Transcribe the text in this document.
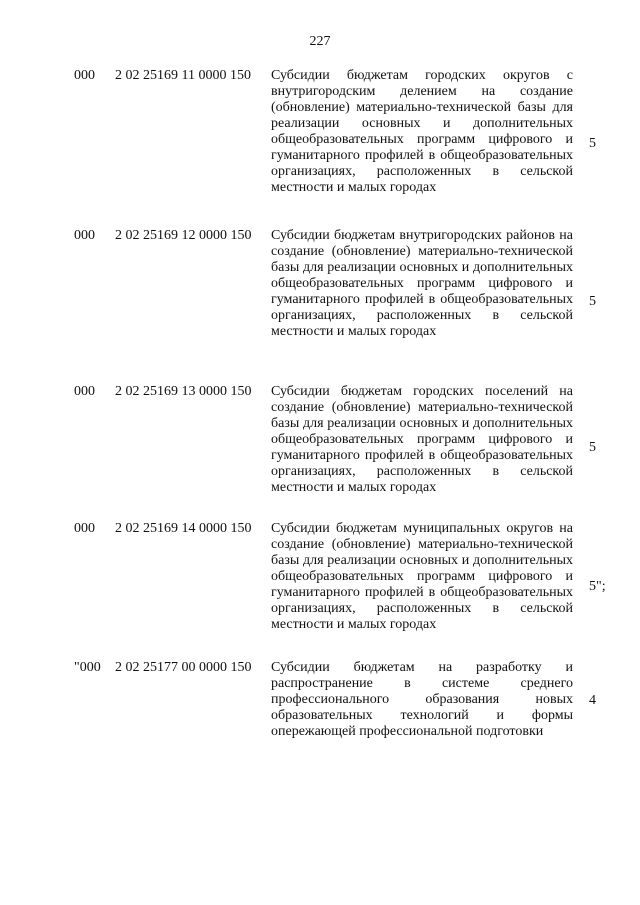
227
000 2 02 25169 11 0000 150 Субсидии бюджетам городских округов с внутригородским делением на создание (обновление) материально-технической базы для реализации основных и дополнительных общеобразовательных программ цифрового и гуманитарного профилей в общеобразовательных организациях, расположенных в сельской местности и малых городах
5
000 2 02 25169 12 0000 150 Субсидии бюджетам внутригородских районов на создание (обновление) материально-технической базы для реализации основных и дополнительных общеобразовательных программ цифрового и гуманитарного профилей в общеобразовательных организациях, расположенных в сельской местности и малых городах
5
000 2 02 25169 13 0000 150 Субсидии бюджетам городских поселений на создание (обновление) материально-технической базы для реализации основных и дополнительных общеобразовательных программ цифрового и гуманитарного профилей в общеобразовательных организациях, расположенных в сельской местности и малых городах
5
000 2 02 25169 14 0000 150 Субсидии бюджетам муниципальных округов на создание (обновление) материально-технической базы для реализации основных и дополнительных общеобразовательных программ цифрового и гуманитарного профилей в общеобразовательных организациях, расположенных в сельской местности и малых городах
5";
"000 2 02 25177 00 0000 150 Субсидии бюджетам на разработку и распространение в системе среднего профессионального образования новых образовательных технологий и формы опережающей профессиональной подготовки
4
